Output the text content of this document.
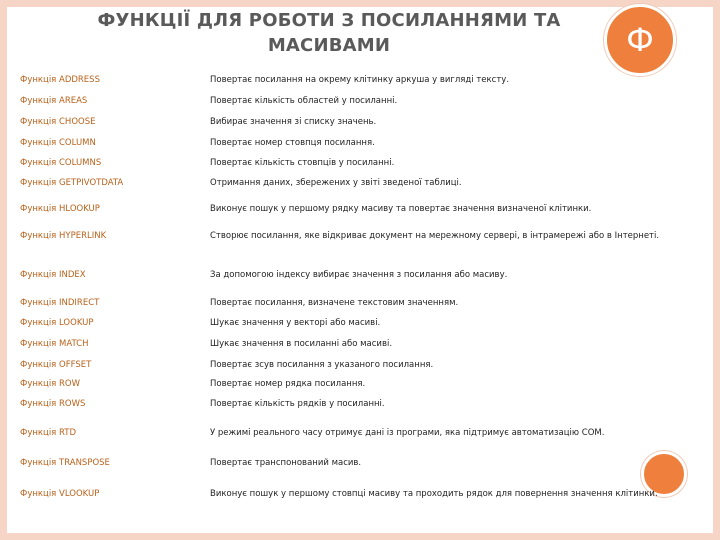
ФУНКЦІЇ ДЛЯ РОБОТИ З ПОСИЛАННЯМИ ТА МАСИВАМИ	Ф
Функція ADDRESS	Повертає посилання на окрему клітинку аркуша у вигляді тексту.
Функція AREAS	Повертає кількість областей у посиланні.
Функція CHOOSE	Вибирає значення зі списку значень.
Функція COLUMN	Повертає номер стовпця посилання.
Функція COLUMNS	Повертає кількість стовпців у посиланні.
Функція GETPIVOTDATA	Отримання даних, збережених у звіті зведеної таблиці.
Функція HLOOKUP	Виконує пошук у першому рядку масиву та повертає значення визначеної клітинки.
Функція HYPERLINK	Створює посилання, яке відкриває документ на мережному сервері, в інтрамережі або в Інтернеті.
Функція INDEX	За допомогою індексу вибирає значення з посилання або масиву.
Функція INDIRECT	Повертає посилання, визначене текстовим значенням.
Функція LOOKUP	Шукає значення у векторі або масиві.
Функція MATCH	Шукає значення в посиланні або масиві.
Функція OFFSET	Повертає зсув посилання з указаного посилання.
Функція ROW	Повертає номер рядка посилання.
Функція ROWS	Повертає кількість рядків у посиланні.
Функція RTD	У режимі реального часу отримує дані із програми, яка підтримує автоматизацію COM.
Функція TRANSPOSE	Повертає транспонований масив.
Функція VLOOKUP	Виконує пошук у першому стовпці масиву та проходить рядок для повернення значення клітинки.
